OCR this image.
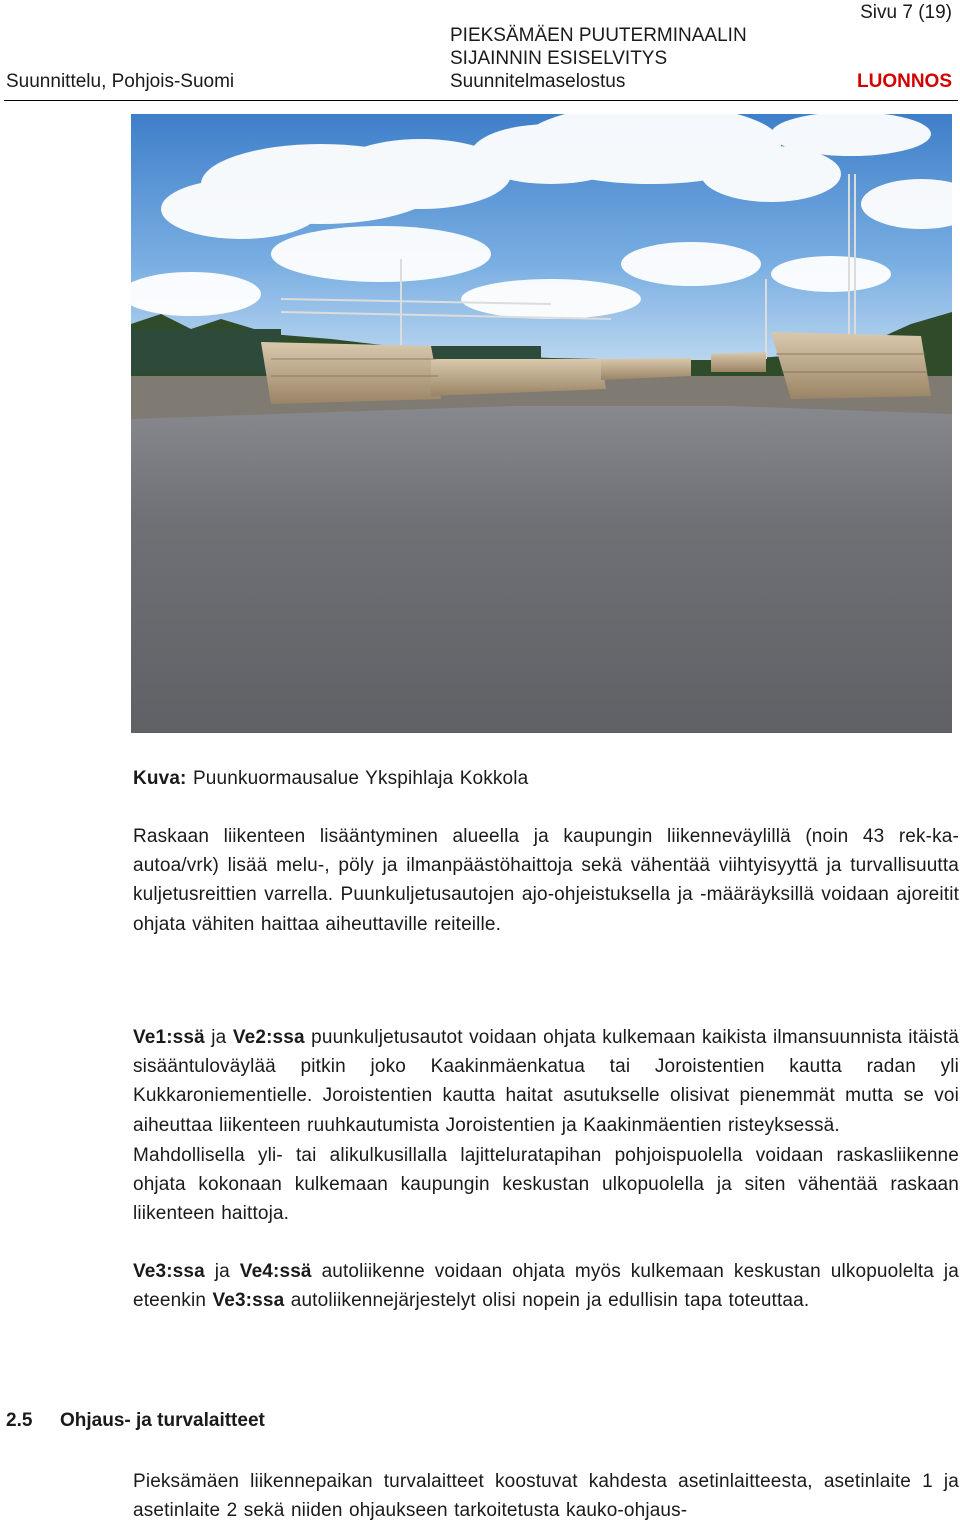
Sivu 7 (19)
PIEKSÄMÄEN PUUTERMINAALIN
SIJAINNIN ESISELVITYS
Suunnittelu, Pohjois-Suomi	Suunnitelmaselostus	LUONNOS
Kuva: Puunkuormausalue Ykspihlaja Kokkola
Raskaan liikenteen lisääntyminen alueella ja kaupungin liikenneväylillä (noin 43 rek-ka-autoa/vrk) lisää melu-, pöly ja ilmanpäästöhaittoja sekä vähentää viihtyisyyttä ja turvallisuutta kuljetusreittien varrella. Puunkuljetusautojen ajo-ohjeistuksella ja -määräyksillä voidaan ajoreitit ohjata vähiten haittaa aiheuttaville reiteille.
Ve1:ssä ja Ve2:ssa puunkuljetusautot voidaan ohjata kulkemaan kaikista ilmansuunnista itäistä sisääntuloväylää pitkin joko Kaakinmäenkatua tai Joroistentien kautta radan yli Kukkaroniementielle. Joroistentien kautta haitat asutukselle olisivat pienemmät mutta se voi aiheuttaa liikenteen ruuhkautumista Joroistentien ja Kaakinmäentien risteyksessä.
Mahdollisella yli- tai alikulkusillalla lajitteluratapihan pohjoispuolella voidaan raskasliikenne ohjata kokonaan kulkemaan kaupungin keskustan ulkopuolella ja siten vähentää raskaan liikenteen haittoja.
Ve3:ssa ja Ve4:ssä autoliikenne voidaan ohjata myös kulkemaan keskustan ulkopuolelta ja eteenkin Ve3:ssa autoliikennejärjestelyt olisi nopein ja edullisin tapa toteuttaa.
2.5 Ohjaus- ja turvalaitteet
Pieksämäen liikennepaikan turvalaitteet koostuvat kahdesta asetinlaitteesta, asetinlaite 1 ja asetinlaite 2 sekä niiden ohjaukseen tarkoitetusta kauko-ohjaus-
